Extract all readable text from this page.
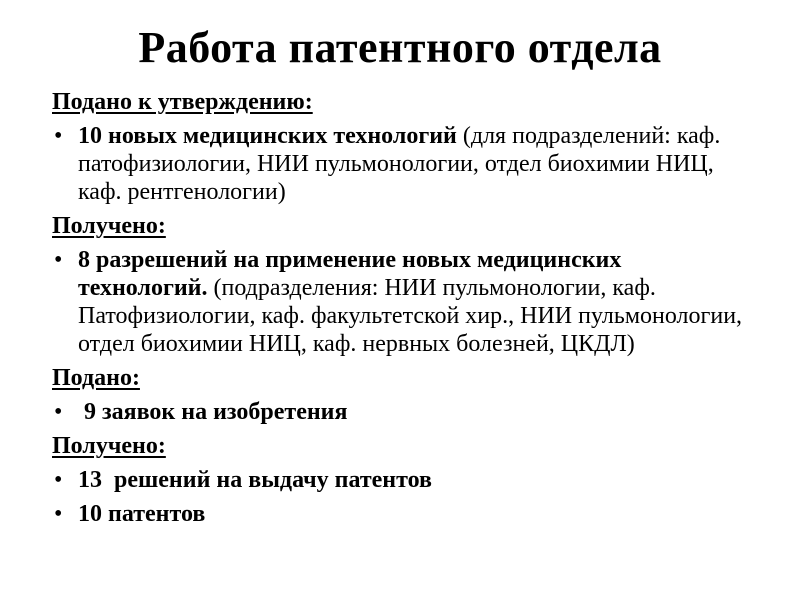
Работа патентного отдела
Подано к утверждению:
• 10 новых медицинских технологий (для подразделений: каф. патофизиологии, НИИ пульмонологии, отдел биохимии НИЦ, каф. рентгенологии)
Получено:
• 8 разрешений на применение новых медицинских технологий. (подразделения: НИИ пульмонологии, каф. Патофизиологии, каф. факультетской хир., НИИ пульмонологии, отдел биохимии НИЦ, каф. нервных болезней, ЦКДЛ)
Подано:
• 9 заявок на изобретения
Получено:
• 13  решений на выдачу патентов
• 10 патентов
